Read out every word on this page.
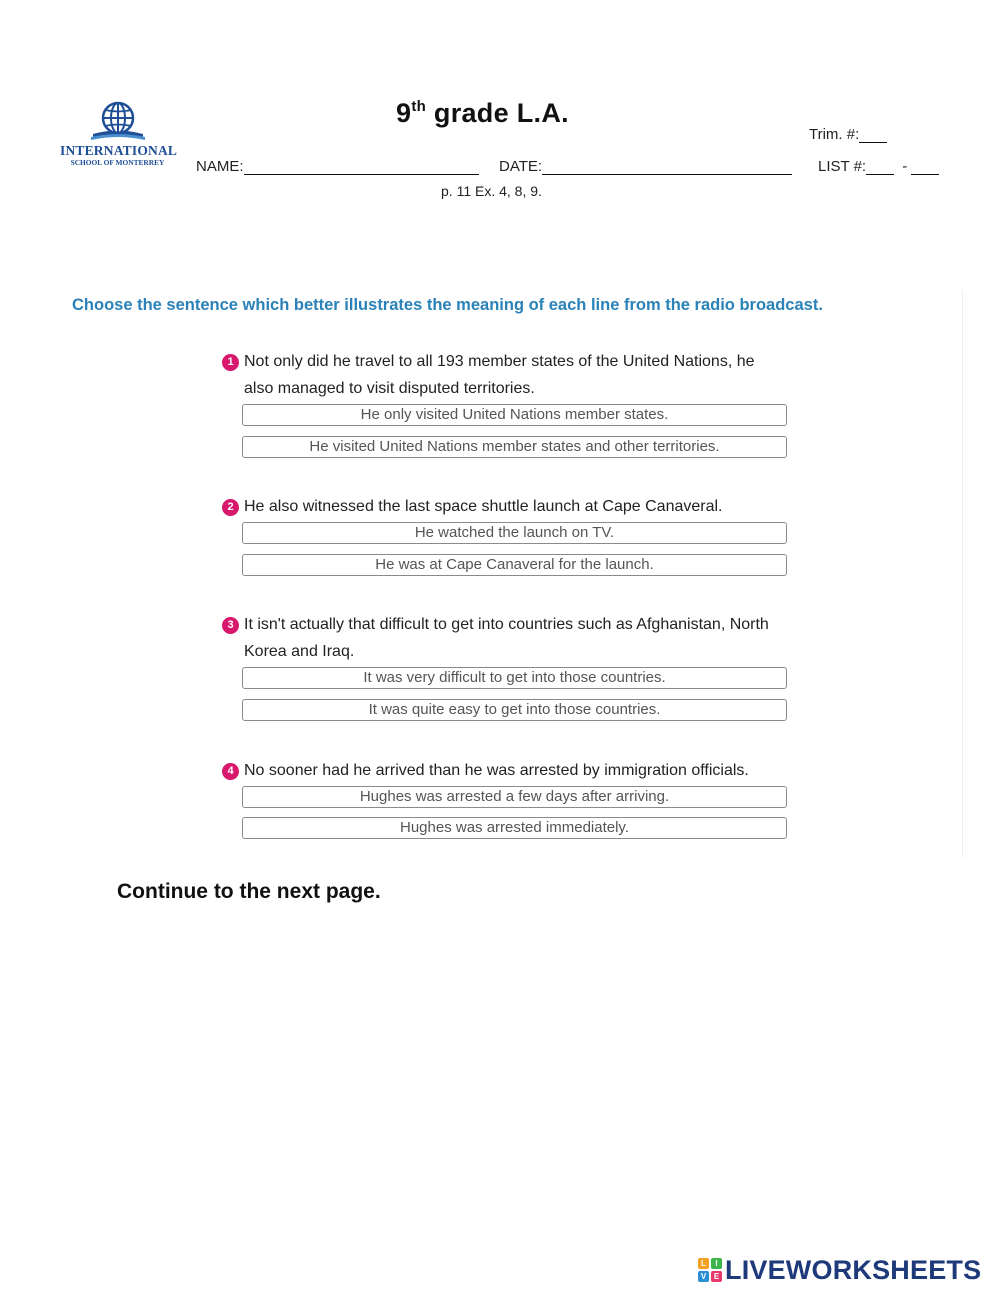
INTERNATIONAL
SCHOOL OF MONTERREY
9th grade L.A.
Trim. #:
NAME:	DATE:	LIST #: -
p. 11 Ex. 4, 8, 9.
Choose the sentence which better illustrates the meaning of each line from the radio broadcast.
1 Not only did he travel to all 193 member states of the United Nations, he
also managed to visit disputed territories.
He only visited United Nations member states.
He visited United Nations member states and other territories.
2 He also witnessed the last space shuttle launch at Cape Canaveral.
He watched the launch on TV.
He was at Cape Canaveral for the launch.
3 It isn't actually that difficult to get into countries such as Afghanistan, North
Korea and Iraq.
It was very difficult to get into those countries.
It was quite easy to get into those countries.
4 No sooner had he arrived than he was arrested by immigration officials.
Hughes was arrested a few days after arriving.
Hughes was arrested immediately.
Continue to the next page.
L	I
V E LIVEWORKSHEETS
